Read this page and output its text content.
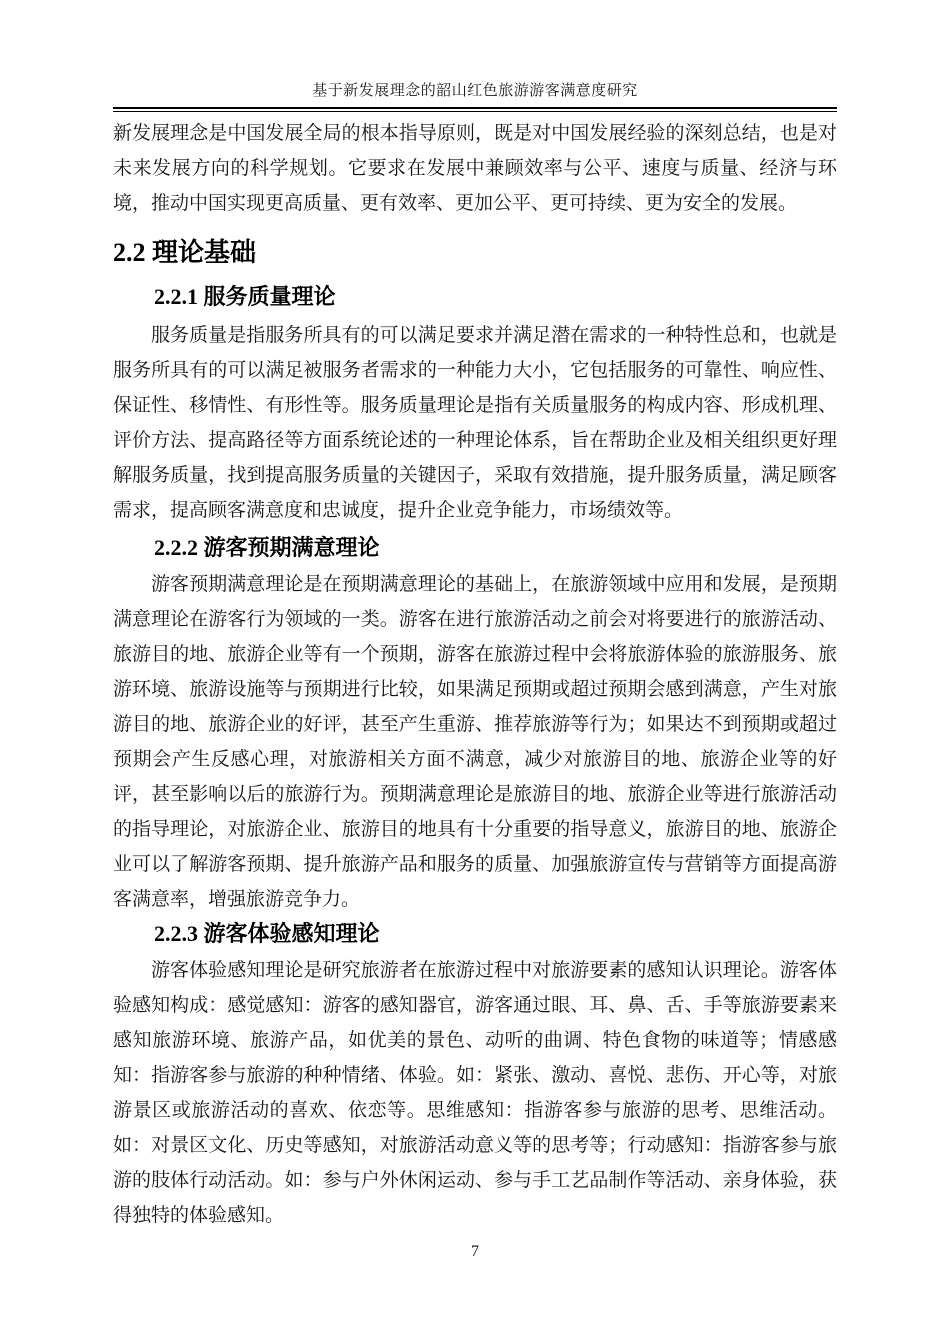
基于新发展理念的韶山红色旅游游客满意度研究

新发展理念是中国发展全局的根本指导原则，既是对中国发展经验的深刻总结，也是对未来发展方向的科学规划。它要求在发展中兼顾效率与公平、速度与质量、经济与环境，推动中国实现更高质量、更有效率、更加公平、更可持续、更为安全的发展。

2.2 理论基础
2.2.1 服务质量理论

服务质量是指服务所具有的可以满足要求并满足潜在需求的一种特性总和，也就是服务所具有的可以满足被服务者需求的一种能力大小，它包括服务的可靠性、响应性、保证性、移情性、有形性等。服务质量理论是指有关质量服务的构成内容、形成机理、评价方法、提高路径等方面系统论述的一种理论体系，旨在帮助企业及相关组织更好理解服务质量，找到提高服务质量的关键因子，采取有效措施，提升服务质量，满足顾客需求，提高顾客满意度和忠诚度，提升企业竞争能力，市场绩效等。

2.2.2 游客预期满意理论

游客预期满意理论是在预期满意理论的基础上，在旅游领域中应用和发展，是预期满意理论在游客行为领域的一类。游客在进行旅游活动之前会对将要进行的旅游活动、旅游目的地、旅游企业等有一个预期，游客在旅游过程中会将旅游体验的旅游服务、旅游环境、旅游设施等与预期进行比较，如果满足预期或超过预期会感到满意，产生对旅游目的地、旅游企业的好评，甚至产生重游、推荐旅游等行为；如果达不到预期或超过预期会产生反感心理，对旅游相关方面不满意，减少对旅游目的地、旅游企业等的好评，甚至影响以后的旅游行为。预期满意理论是旅游目的地、旅游企业等进行旅游活动的指导理论，对旅游企业、旅游目的地具有十分重要的指导意义，旅游目的地、旅游企业可以了解游客预期、提升旅游产品和服务的质量、加强旅游宣传与营销等方面提高游客满意率，增强旅游竞争力。

2.2.3 游客体验感知理论

游客体验感知理论是研究旅游者在旅游过程中对旅游要素的感知认识理论。游客体验感知构成：感觉感知：游客的感知器官，游客通过眼、耳、鼻、舌、手等旅游要素来感知旅游环境、旅游产品，如优美的景色、动听的曲调、特色食物的味道等；情感感知：指游客参与旅游的种种情绪、体验。如：紧张、激动、喜悦、悲伤、开心等，对旅游景区或旅游活动的喜欢、依恋等。思维感知：指游客参与旅游的思考、思维活动。如：对景区文化、历史等感知，对旅游活动意义等的思考等；行动感知：指游客参与旅游的肢体行动活动。如：参与户外休闲运动、参与手工艺品制作等活动、亲身体验，获得独特的体验感知。

7
